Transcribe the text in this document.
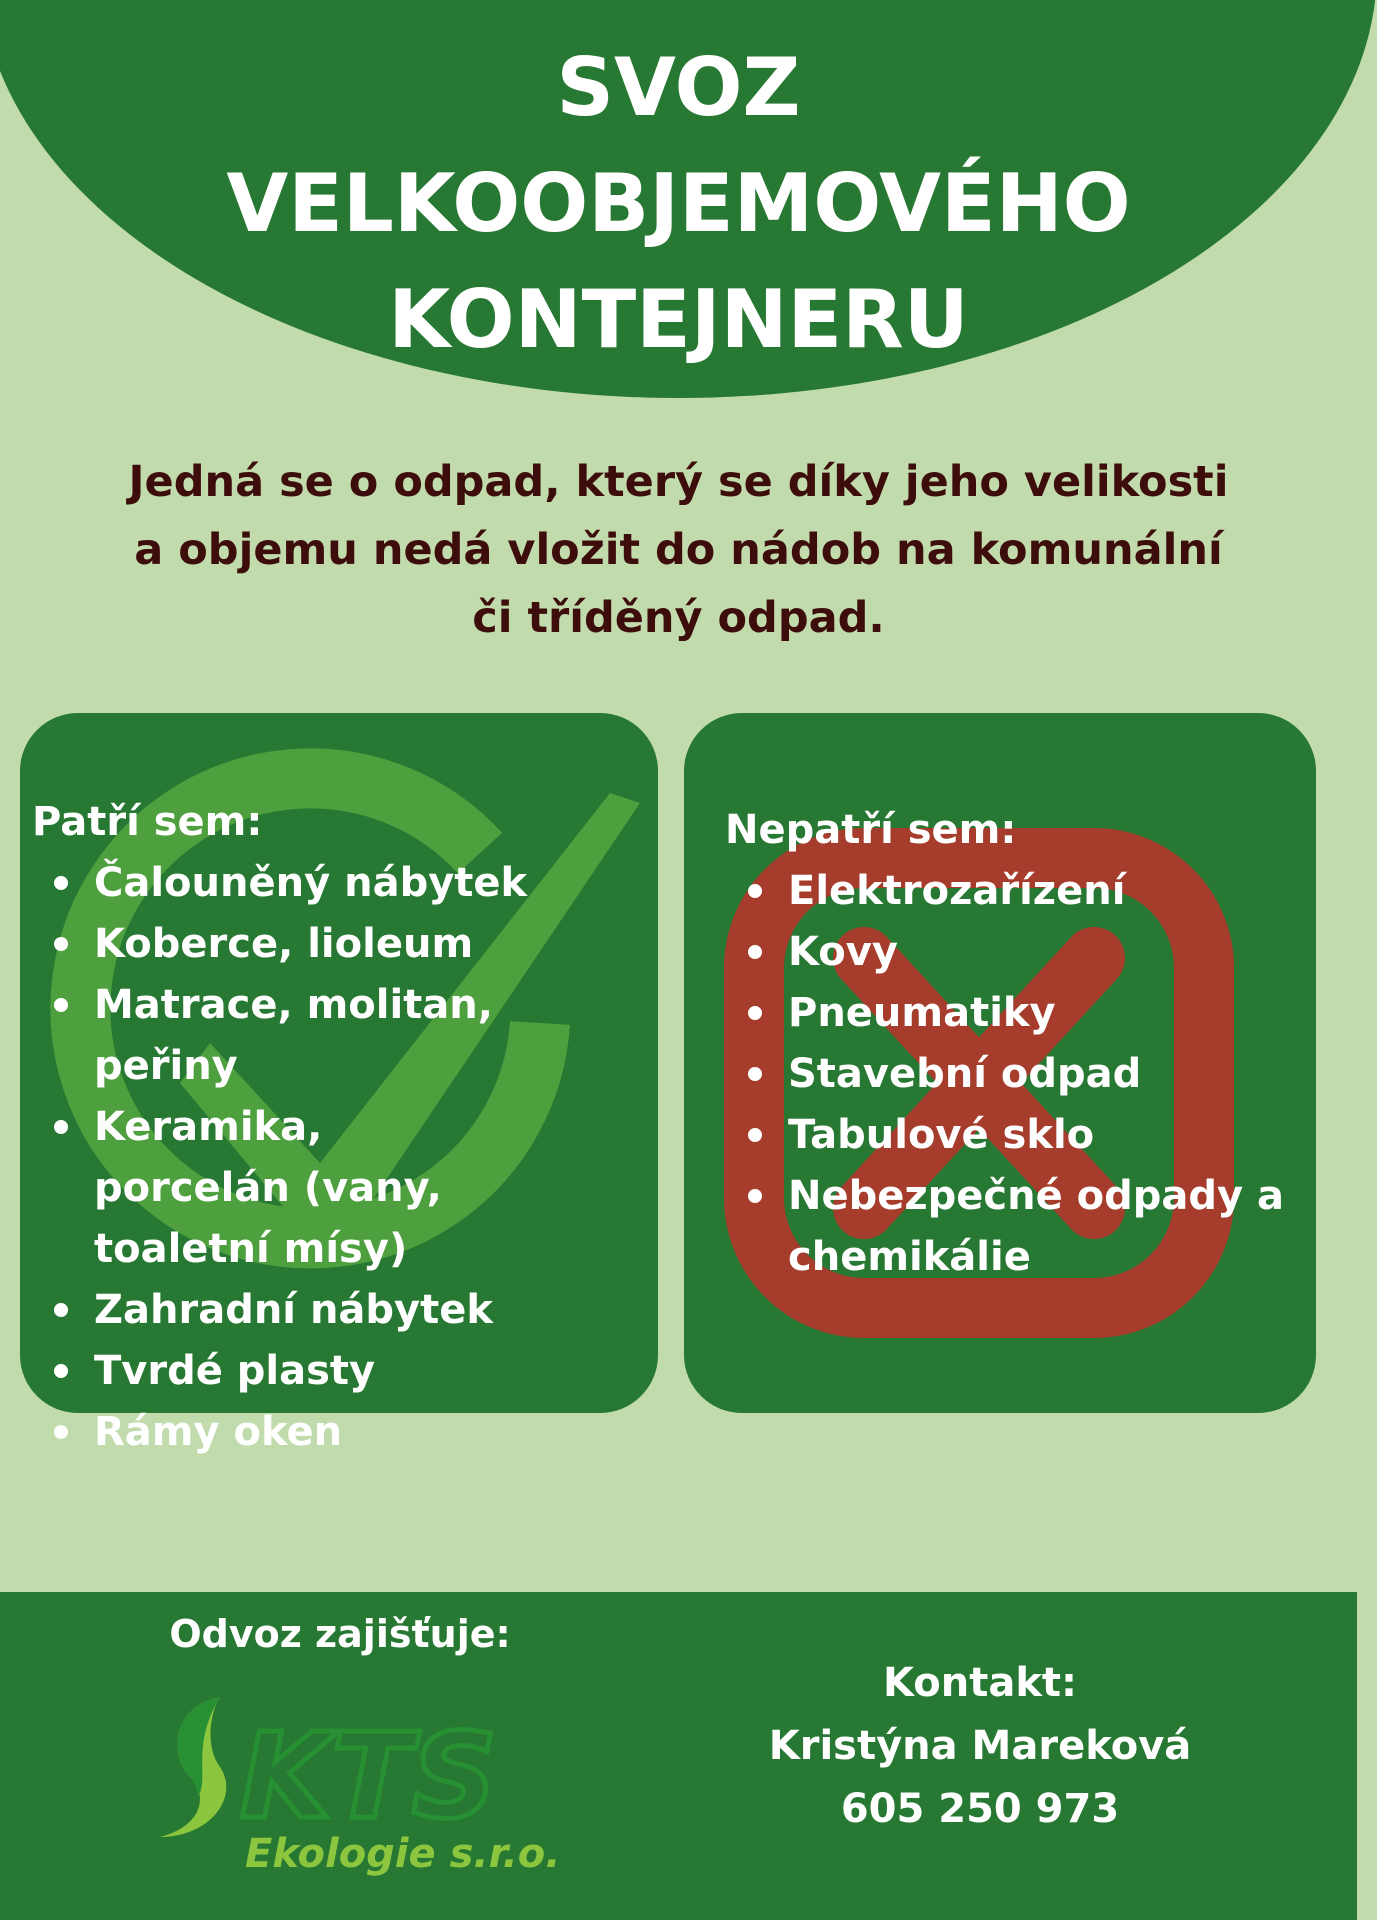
SVOZ
VELKOOBJEMOVÉHO
KONTEJNERU
Jedná se o odpad, který se díky jeho velikosti
a objemu nedá vložit do nádob na komunální
či tříděný odpad.
Patří sem:
Čalouněný nábytek
Koberce, lioleum
Matrace, molitan, peřiny
Keramika, porcelán (vany, toaletní mísy)
Zahradní nábytek
Tvrdé plasty
Rámy oken
Nepatří sem:
Elektrozařízení
Kovy
Pneumatiky
Stavební odpad
Tabulové sklo
Nebezpečné odpady a chemikálie
Odvoz zajišťuje:
KTS
Ekologie s.r.o.
Kontakt:
Kristýna Mareková
605 250 973
